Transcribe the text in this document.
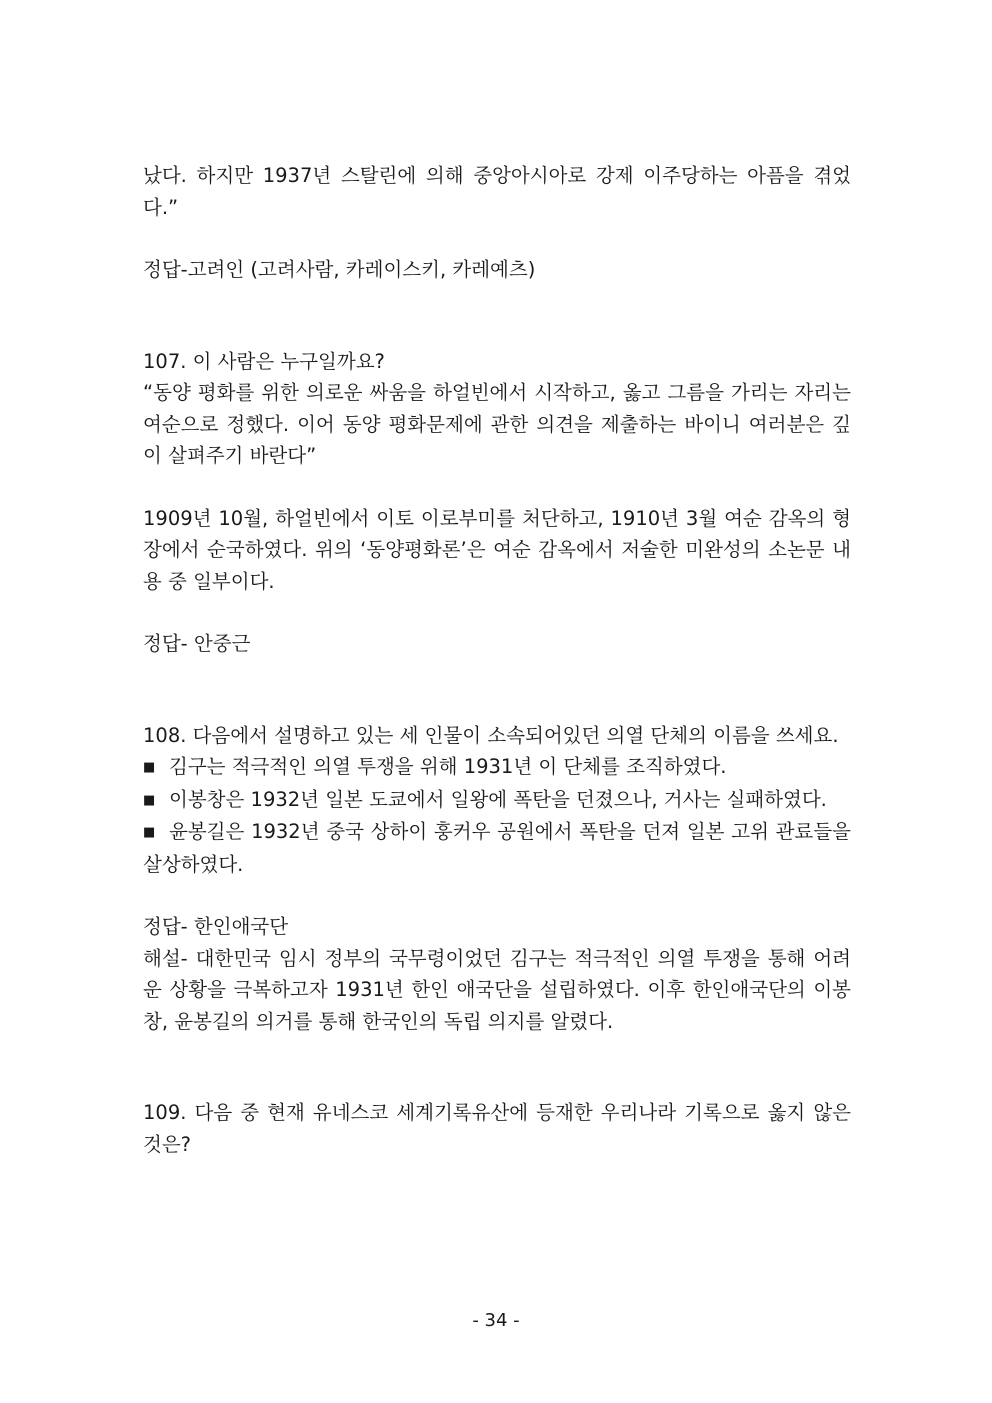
났다. 하지만 1937년 스탈린에 의해 중앙아시아로 강제 이주당하는 아픔을 겪었다.”

정답-고려인 (고려사람, 카레이스키, 카레예츠)

107. 이 사람은 누구일까요?

“동양 평화를 위한 의로운 싸움을 하얼빈에서 시작하고, 옳고 그름을 가리는 자리는 여순으로 정했다. 이어 동양 평화문제에 관한 의견을 제출하는 바이니 여러분은 깊이 살펴주기 바란다”

1909년 10월, 하얼빈에서 이토 이로부미를 처단하고, 1910년 3월 여순 감옥의 형장에서 순국하였다. 위의 ‘동양평화론’은 여순 감옥에서 저술한 미완성의 소논문 내용 중 일부이다.

정답- 안중근

108. 다음에서 설명하고 있는 세 인물이 소속되어있던 의열 단체의 이름을 쓰세요.

■ 김구는 적극적인 의열 투쟁을 위해 1931년 이 단체를 조직하였다.

■ 이봉창은 1932년 일본 도쿄에서 일왕에 폭탄을 던졌으나, 거사는 실패하였다.

■ 윤봉길은 1932년 중국 상하이 훙커우 공원에서 폭탄을 던져 일본 고위 관료들을 살상하였다.

정답- 한인애국단

해설- 대한민국 임시 정부의 국무령이었던 김구는 적극적인 의열 투쟁을 통해 어려운 상황을 극복하고자 1931년 한인 애국단을 설립하였다. 이후 한인애국단의 이봉창, 윤봉길의 의거를 통해 한국인의 독립 의지를 알렸다.

109. 다음 중 현재 유네스코 세계기록유산에 등재한 우리나라 기록으로 옳지 않은 것은?

- 34 -
